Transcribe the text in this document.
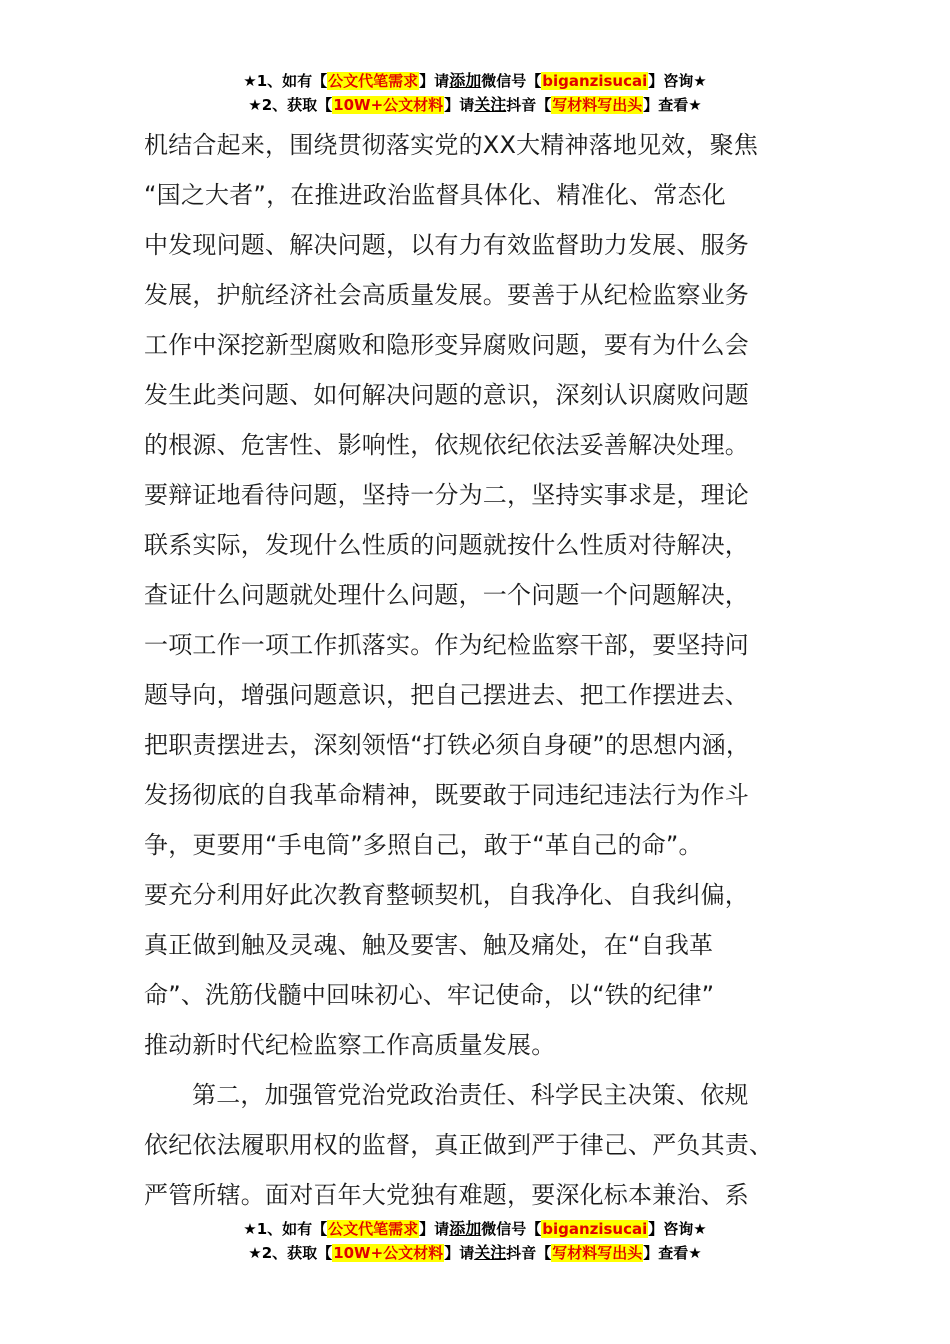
★1、如有【公文代笔需求】请添加微信号【biganzisucai】咨询★
★2、获取【10W+公文材料】请关注抖音【写材料写出头】查看★
机结合起来，围绕贯彻落实党的XX大精神落地见效，聚焦
“国之大者”，在推进政治监督具体化、精准化、常态化
中发现问题、解决问题，以有力有效监督助力发展、服务
发展，护航经济社会高质量发展。要善于从纪检监察业务
工作中深挖新型腐败和隐形变异腐败问题，要有为什么会
发生此类问题、如何解决问题的意识，深刻认识腐败问题
的根源、危害性、影响性，依规依纪依法妥善解决处理。
要辩证地看待问题，坚持一分为二，坚持实事求是，理论
联系实际，发现什么性质的问题就按什么性质对待解决，
查证什么问题就处理什么问题，一个问题一个问题解决，
一项工作一项工作抓落实。作为纪检监察干部，要坚持问
题导向，增强问题意识，把自己摆进去、把工作摆进去、
把职责摆进去，深刻领悟“打铁必须自身硬”的思想内涵，
发扬彻底的自我革命精神，既要敢于同违纪违法行为作斗
争，更要用“手电筒”多照自己，敢于“革自己的命”。
要充分利用好此次教育整顿契机，自我净化、自我纠偏，
真正做到触及灵魂、触及要害、触及痛处，在“自我革
命”、洗筋伐髓中回味初心、牢记使命，以“铁的纪律”
推动新时代纪检监察工作高质量发展。
第二，加强管党治党政治责任、科学民主决策、依规
依纪依法履职用权的监督，真正做到严于律己、严负其责、
严管所辖。面对百年大党独有难题，要深化标本兼治、系
★1、如有【公文代笔需求】请添加微信号【biganzisucai】咨询★
★2、获取【10W+公文材料】请关注抖音【写材料写出头】查看★
